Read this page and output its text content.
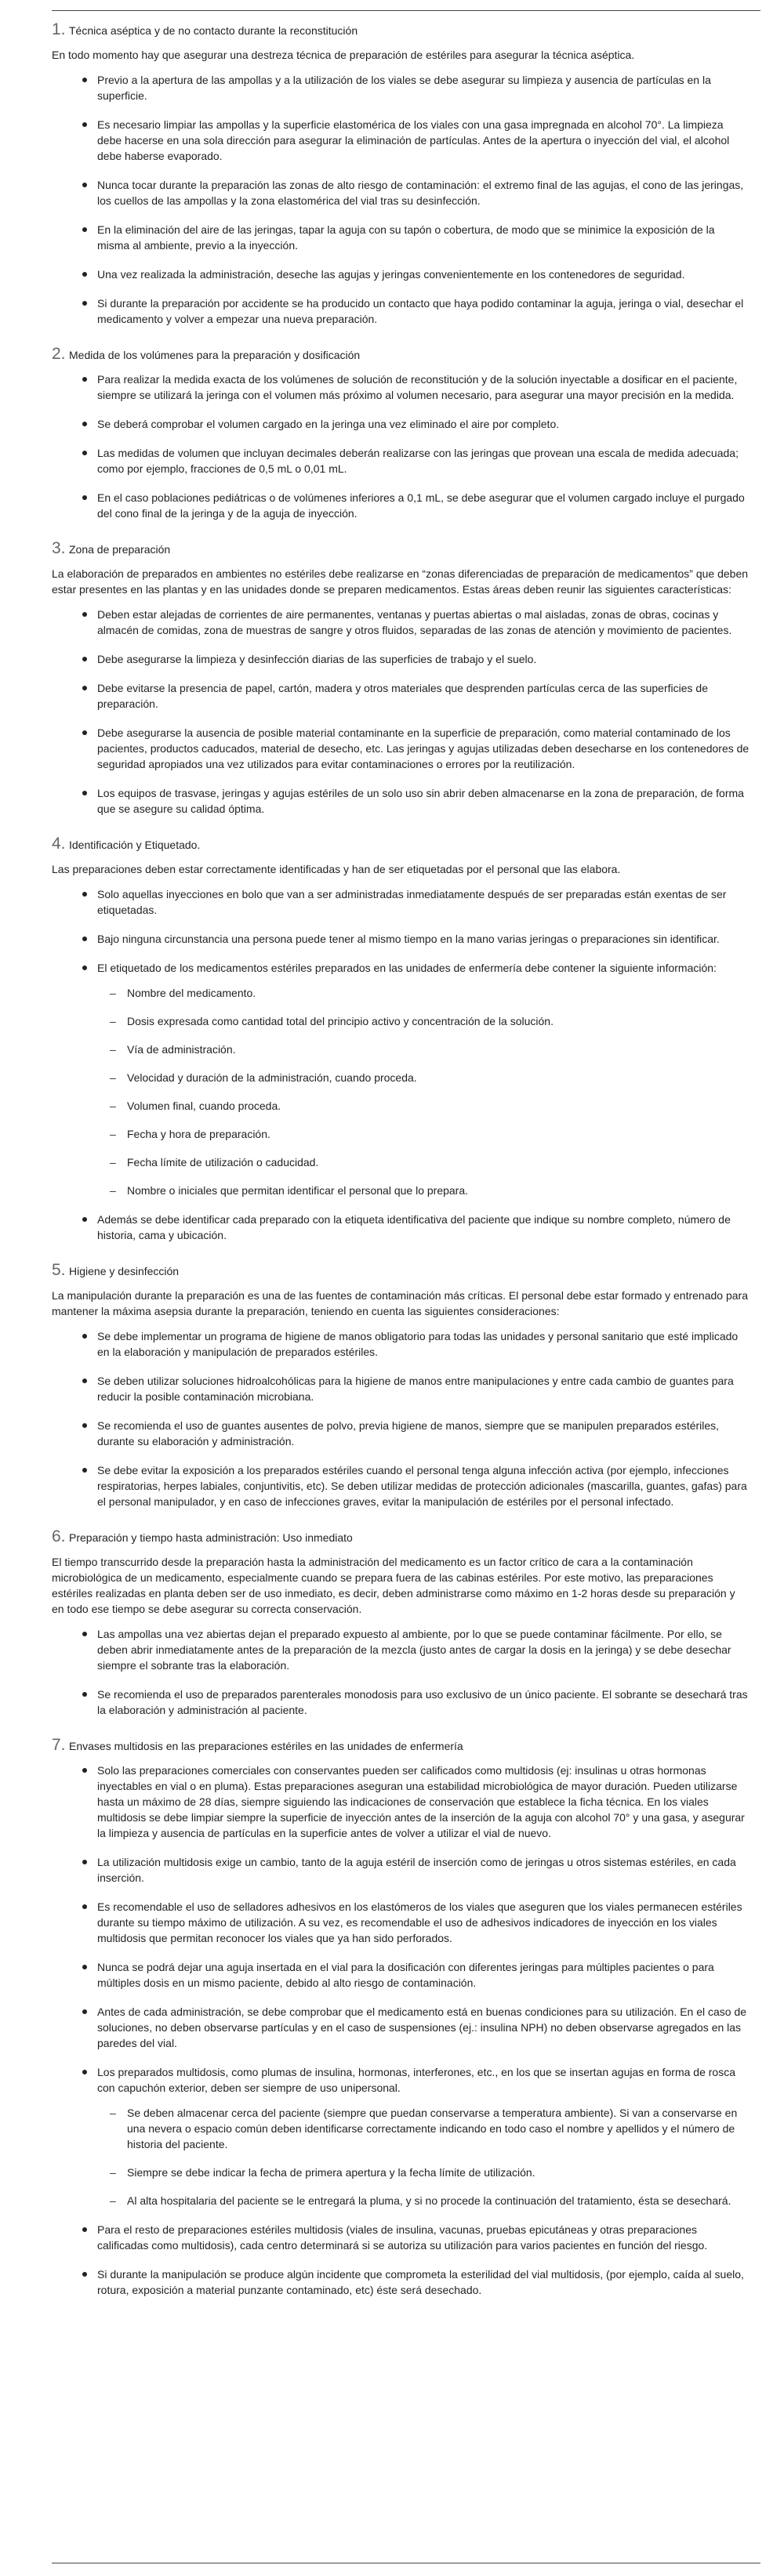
1. Técnica aséptica y de no contacto durante la reconstitución

En todo momento hay que asegurar una destreza técnica de preparación de estériles para asegurar la técnica aséptica.

Previo a la apertura de las ampollas y a la utilización de los viales se debe asegurar su limpieza y ausencia de partículas en la superficie.
Es necesario limpiar las ampollas y la superficie elastomérica de los viales con una gasa impregnada en alcohol 70°. La limpieza debe hacerse en una sola dirección para asegurar la eliminación de partículas. Antes de la apertura o inyección del vial, el alcohol debe haberse evaporado.
Nunca tocar durante la preparación las zonas de alto riesgo de contaminación: el extremo final de las agujas, el cono de las jeringas, los cuellos de las ampollas y la zona elastomérica del vial tras su desinfección.
En la eliminación del aire de las jeringas, tapar la aguja con su tapón o cobertura, de modo que se minimice la exposición de la misma al ambiente, previo a la inyección.
Una vez realizada la administración, deseche las agujas y jeringas convenientemente en los contenedores de seguridad.
Si durante la preparación por accidente se ha producido un contacto que haya podido contaminar la aguja, jeringa o vial, desechar el medicamento y volver a empezar una nueva preparación.
2. Medida de los volúmenes para la preparación y dosificación
Para realizar la medida exacta de los volúmenes de solución de reconstitución y de la solución inyectable a dosificar en el paciente, siempre se utilizará la jeringa con el volumen más próximo al volumen necesario, para asegurar una mayor precisión en la medida.
Se deberá comprobar el volumen cargado en la jeringa una vez eliminado el aire por completo.
Las medidas de volumen que incluyan decimales deberán realizarse con las jeringas que provean una escala de medida adecuada; como por ejemplo, fracciones de 0,5 mL o 0,01 mL.
En el caso poblaciones pediátricas o de volúmenes inferiores a 0,1 mL, se debe asegurar que el volumen cargado incluye el purgado del cono final de la jeringa y de la aguja de inyección.
3. Zona de preparación

La elaboración de preparados en ambientes no estériles debe realizarse en “zonas diferenciadas de preparación de medicamentos” que deben estar presentes en las plantas y en las unidades donde se preparen medicamentos. Estas áreas deben reunir las siguientes características:

Deben estar alejadas de corrientes de aire permanentes, ventanas y puertas abiertas o mal aisladas, zonas de obras, cocinas y almacén de comidas, zona de muestras de sangre y otros fluidos, separadas de las zonas de atención y movimiento de pacientes.
Debe asegurarse la limpieza y desinfección diarias de las superficies de trabajo y el suelo.
Debe evitarse la presencia de papel, cartón, madera y otros materiales que desprenden partículas cerca de las superficies de preparación.
Debe asegurarse la ausencia de posible material contaminante en la superficie de preparación, como material contaminado de los pacientes, productos caducados, material de desecho, etc. Las jeringas y agujas utilizadas deben desecharse en los contenedores de seguridad apropiados una vez utilizados para evitar contaminaciones o errores por la reutilización.
Los equipos de trasvase, jeringas y agujas estériles de un solo uso sin abrir deben almacenarse en la zona de preparación, de forma que se asegure su calidad óptima.
4. Identificación y Etiquetado.

Las preparaciones deben estar correctamente identificadas y han de ser etiquetadas por el personal que las elabora.

Solo aquellas inyecciones en bolo que van a ser administradas inmediatamente después de ser preparadas están exentas de ser etiquetadas.
Bajo ninguna circunstancia una persona puede tener al mismo tiempo en la mano varias jeringas o preparaciones sin identificar.
El etiquetado de los medicamentos estériles preparados en las unidades de enfermería debe contener la siguiente información:
– Nombre del medicamento.
– Dosis expresada como cantidad total del principio activo y concentración de la solución.
– Vía de administración.
– Velocidad y duración de la administración, cuando proceda.
– Volumen final, cuando proceda.
– Fecha y hora de preparación.
– Fecha límite de utilización o caducidad.
– Nombre o iniciales que permitan identificar el personal que lo prepara.
Además se debe identificar cada preparado con la etiqueta identificativa del paciente que indique su nombre completo, número de historia, cama y ubicación.
5. Higiene y desinfección

La manipulación durante la preparación es una de las fuentes de contaminación más críticas. El personal debe estar formado y entrenado para mantener la máxima asepsia durante la preparación, teniendo en cuenta las siguientes consideraciones:

Se debe implementar un programa de higiene de manos obligatorio para todas las unidades y personal sanitario que esté implicado en la elaboración y manipulación de preparados estériles.
Se deben utilizar soluciones hidroalcohólicas para la higiene de manos entre manipulaciones y entre cada cambio de guantes para reducir la posible contaminación microbiana.
Se recomienda el uso de guantes ausentes de polvo, previa higiene de manos, siempre que se manipulen preparados estériles, durante su elaboración y administración.
Se debe evitar la exposición a los preparados estériles cuando el personal tenga alguna infección activa (por ejemplo, infecciones respiratorias, herpes labiales, conjuntivitis, etc). Se deben utilizar medidas de protección adicionales (mascarilla, guantes, gafas) para el personal manipulador, y en caso de infecciones graves, evitar la manipulación de estériles por el personal infectado.
6. Preparación y tiempo hasta administración: Uso inmediato

El tiempo transcurrido desde la preparación hasta la administración del medicamento es un factor crítico de cara a la contaminación microbiológica de un medicamento, especialmente cuando se prepara fuera de las cabinas estériles. Por este motivo, las preparaciones estériles realizadas en planta deben ser de uso inmediato, es decir, deben administrarse como máximo en 1-2 horas desde su preparación y en todo ese tiempo se debe asegurar su correcta conservación.

Las ampollas una vez abiertas dejan el preparado expuesto al ambiente, por lo que se puede contaminar fácilmente. Por ello, se deben abrir inmediatamente antes de la preparación de la mezcla (justo antes de cargar la dosis en la jeringa) y se debe desechar siempre el sobrante tras la elaboración.
Se recomienda el uso de preparados parenterales monodosis para uso exclusivo de un único paciente. El sobrante se desechará tras la elaboración y administración al paciente.
7. Envases multidosis en las preparaciones estériles en las unidades de enfermería
Solo las preparaciones comerciales con conservantes pueden ser calificados como multidosis (ej: insulinas u otras hormonas inyectables en vial o en pluma). Estas preparaciones aseguran una estabilidad microbiológica de mayor duración. Pueden utilizarse hasta un máximo de 28 días, siempre siguiendo las indicaciones de conservación que establece la ficha técnica. En los viales multidosis se debe limpiar siempre la superficie de inyección antes de la inserción de la aguja con alcohol 70° y una gasa, y asegurar la limpieza y ausencia de partículas en la superficie antes de volver a utilizar el vial de nuevo.
La utilización multidosis exige un cambio, tanto de la aguja estéril de inserción como de jeringas u otros sistemas estériles, en cada inserción.
Es recomendable el uso de selladores adhesivos en los elastómeros de los viales que aseguren que los viales permanecen estériles durante su tiempo máximo de utilización. A su vez, es recomendable el uso de adhesivos indicadores de inyección en los viales multidosis que permitan reconocer los viales que ya han sido perforados.
Nunca se podrá dejar una aguja insertada en el vial para la dosificación con diferentes jeringas para múltiples pacientes o para múltiples dosis en un mismo paciente, debido al alto riesgo de contaminación.
Antes de cada administración, se debe comprobar que el medicamento está en buenas condiciones para su utilización. En el caso de soluciones, no deben observarse partículas y en el caso de suspensiones (ej.: insulina NPH) no deben observarse agregados en las paredes del vial.
Los preparados multidosis, como plumas de insulina, hormonas, interferones, etc., en los que se insertan agujas en forma de rosca con capuchón exterior, deben ser siempre de uso unipersonal.
– Se deben almacenar cerca del paciente (siempre que puedan conservarse a temperatura ambiente). Si van a conservarse en una nevera o espacio común deben identificarse correctamente indicando en todo caso el nombre y apellidos y el número de historia del paciente.
– Siempre se debe indicar la fecha de primera apertura y la fecha límite de utilización.
– Al alta hospitalaria del paciente se le entregará la pluma, y si no procede la continuación del tratamiento, ésta se desechará.
Para el resto de preparaciones estériles multidosis (viales de insulina, vacunas, pruebas epicutáneas y otras preparaciones calificadas como multidosis), cada centro determinará si se autoriza su utilización para varios pacientes en función del riesgo.
Si durante la manipulación se produce algún incidente que comprometa la esterilidad del vial multidosis, (por ejemplo, caída al suelo, rotura, exposición a material punzante contaminado, etc) éste será desechado.
